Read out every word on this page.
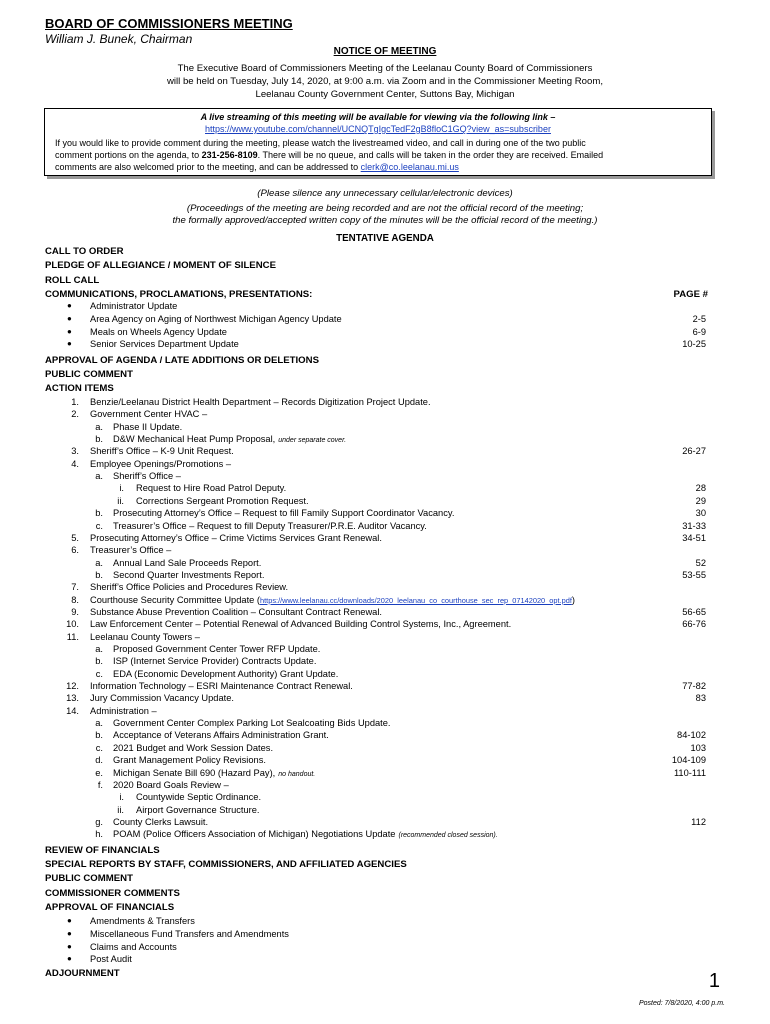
BOARD OF COMMISSIONERS MEETING
William J. Bunek, Chairman
NOTICE OF MEETING
The Executive Board of Commissioners Meeting of the Leelanau County Board of Commissioners
will be held on Tuesday, July 14, 2020, at 9:00 a.m. via Zoom and in the Commissioner Meeting Room,
Leelanau County Government Center, Suttons Bay, Michigan
A live streaming of this meeting will be available for viewing via the following link –
https://www.youtube.com/channel/UCNQTgIgcTedF2gB8floC1GQ?view_as=subscriber
If you would like to provide comment during the meeting, please watch the livestreamed video, and call in during one of the two public
comment portions on the agenda, to 231-256-8109. There will be no queue, and calls will be taken in the order they are received. Emailed
comments are also welcomed prior to the meeting, and can be addressed to clerk@co.leelanau.mi.us
(Please silence any unnecessary cellular/electronic devices)
(Proceedings of the meeting are being recorded and are not the official record of the meeting;
the formally approved/accepted written copy of the minutes will be the official record of the meeting.)
TENTATIVE AGENDA
CALL TO ORDER
PLEDGE OF ALLEGIANCE / MOMENT OF SILENCE
ROLL CALL
COMMUNICATIONS, PROCLAMATIONS, PRESENTATIONS:	PAGE #
● Administrator Update
● Area Agency on Aging of Northwest Michigan Agency Update	2-5
● Meals on Wheels Agency Update	6-9
● Senior Services Department Update	10-25
APPROVAL OF AGENDA / LATE ADDITIONS OR DELETIONS
PUBLIC COMMENT
ACTION ITEMS
1. Benzie/Leelanau District Health Department – Records Digitization Project Update.
2. Government Center HVAC –
a. Phase II Update.
b. D&W Mechanical Heat Pump Proposal, under separate cover.
3. Sheriff’s Office – K-9 Unit Request.	26-27
4. Employee Openings/Promotions –
a. Sheriff’s Office –
i. Request to Hire Road Patrol Deputy.	28
ii. Corrections Sergeant Promotion Request.	29
b. Prosecuting Attorney’s Office – Request to fill Family Support Coordinator Vacancy.	30
c. Treasurer’s Office – Request to fill Deputy Treasurer/P.R.E. Auditor Vacancy.	31-33
5. Prosecuting Attorney’s Office – Crime Victims Services Grant Renewal.	34-51
6. Treasurer’s Office –
a. Annual Land Sale Proceeds Report.	52
b. Second Quarter Investments Report.	53-55
7. Sheriff’s Office Policies and Procedures Review.
8. Courthouse Security Committee Update (https://www.leelanau.cc/downloads/2020_leelanau_co_courthouse_sec_rep_07142020_opt.pdf)
9. Substance Abuse Prevention Coalition – Consultant Contract Renewal.	56-65
10. Law Enforcement Center – Potential Renewal of Advanced Building Control Systems, Inc., Agreement.	66-76
11. Leelanau County Towers –
a. Proposed Government Center Tower RFP Update.
b. ISP (Internet Service Provider) Contracts Update.
c. EDA (Economic Development Authority) Grant Update.
12. Information Technology – ESRI Maintenance Contract Renewal.	77-82
13. Jury Commission Vacancy Update.	83
14. Administration –
a. Government Center Complex Parking Lot Sealcoating Bids Update.
b. Acceptance of Veterans Affairs Administration Grant.	84-102
c. 2021 Budget and Work Session Dates.	103
d. Grant Management Policy Revisions.	104-109
e. Michigan Senate Bill 690 (Hazard Pay), no handout.	110-111
f. 2020 Board Goals Review –
i. Countywide Septic Ordinance.
ii. Airport Governance Structure.
g. County Clerks Lawsuit.	112
h. POAM (Police Officers Association of Michigan) Negotiations Update (recommended closed session).
REVIEW OF FINANCIALS
SPECIAL REPORTS BY STAFF, COMMISSIONERS, AND AFFILIATED AGENCIES
PUBLIC COMMENT
COMMISSIONER COMMENTS
APPROVAL OF FINANCIALS
● Amendments & Transfers
● Miscellaneous Fund Transfers and Amendments
● Claims and Accounts
● Post Audit
ADJOURNMENT	1
Posted: 7/8/2020, 4:00 p.m.
